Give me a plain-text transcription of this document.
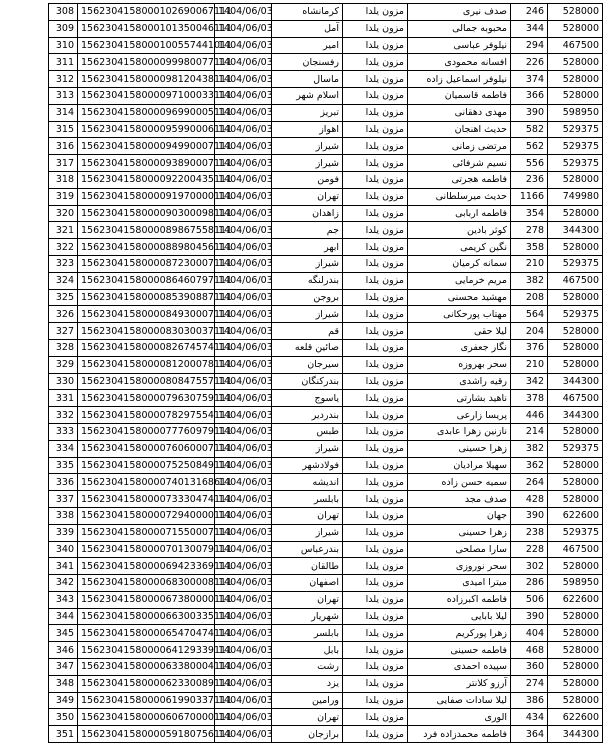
308	1562304158000102690067111	1404/06/03	کرمانشاه	مزون یلدا	صدف نیری	246	528000
309	1562304158000101350046111	1404/06/03	آمل	مزون یلدا	محبوبه جمالی	344	528000
310	1562304158000100557441011	1404/06/03	امیر	مزون یلدا	نیلوفر عباسی	294	467500
311	1562304158000099980077111	1404/06/03	رفسنجان	مزون یلدا	افسانه محمودی	226	528000
312	1562304158000098120438111	1404/06/03	ماسال	مزون یلدا	نیلوفر اسماعیل زاده	374	528000
313	1562304158000097100033111	1404/06/03	اسلام شهر	مزون یلدا	فاطمه قاسمیان	366	528000
314	1562304158000096990005111	1404/06/03	تبریز	مزون یلدا	مهدی دهقانی	390	598950
315	1562304158000095990006111	1404/06/03	اهواز	مزون یلدا	حدیث اهنجان	582	529375
316	1562304158000094990007111	1404/06/03	شیراز	مزون یلدا	مرتضی زمانی	562	529375
317	1562304158000093890007111	1404/06/03	شیراز	مزون یلدا	نسیم شرفائی	556	529375
318	1562304158000092200435111	1404/06/03	فومن	مزون یلدا	فاطمه هجرتی	236	528000
319	1562304158000091970000111	1404/06/03	تهران	مزون یلدا	حدیث میرسلطانی	1166	749980
320	1562304158000090300098111	1404/06/03	زاهدان	مزون یلدا	فاطمه اربابی	354	528000
321	1562304158000089867558111	1404/06/03	جم	مزون یلدا	کوثر بادین	278	344300
322	1562304158000088980456111	1404/06/03	ابهر	مزون یلدا	نگین کریمی	358	528000
323	1562304158000087230007111	1404/06/03	شیراز	مزون یلدا	سمانه کرمیان	210	529375
324	1562304158000086460797111	1404/06/03	بندرلنگه	مزون یلدا	مریم خرمایی	382	467500
325	1562304158000085390887111	1404/06/03	بروجن	مزون یلدا	مهشید محسنی	208	528000
326	1562304158000084930007111	1404/06/03	شیراز	مزون یلدا	مهتاب پورحکانی	564	529375
327	1562304158000083030037111	1404/06/03	قم	مزون یلدا	لیلا حقی	204	528000
328	1562304158000082674574111	1404/06/03	صائین قلعه	مزون یلدا	نگار جعفری	376	528000
329	1562304158000081200078111	1404/06/03	سیرجان	مزون یلدا	سحر بهروزه	210	528000
330	1562304158000080847557111	1404/06/03	بندرکنگان	مزون یلدا	رقیه راشدی	342	344300
331	1562304158000079630759111	1404/06/03	یاسوج	مزون یلدا	ناهید بشارتی	378	467500
332	1562304158000078297554111	1404/06/03	بندردیر	مزون یلدا	پریسا زارعی	446	344300
333	1562304158000077760979111	1404/06/03	طبس	مزون یلدا	نازنین زهرا عابدی	214	528000
334	1562304158000076060007111	1404/06/03	شیراز	مزون یلدا	زهرا حسینی	382	529375
335	1562304158000075250849111	1404/06/03	فولادشهر	مزون یلدا	سهیلا مرادیان	362	528000
336	1562304158000074013168611	1404/06/03	اندیشه	مزون یلدا	سمیه حسن زاده	264	528000
337	1562304158000073330474111	1404/06/03	بابلسر	مزون یلدا	صدف مجد	428	528000
338	1562304158000072940000111	1404/06/03	تهران	مزون یلدا	جهان	390	622600
339	1562304158000071550007111	1404/06/03	شیراز	مزون یلدا	زهرا حسینی	238	529375
340	1562304158000070130079111	1404/06/03	بندرعباس	مزون یلدا	سارا مصلحی	228	467500
341	1562304158000069423369111	1404/06/03	طالقان	مزون یلدا	سحر نوروزی	302	528000
342	1562304158000068300008111	1404/06/03	اصفهان	مزون یلدا	میترا امیدی	286	598950
343	1562304158000067380000111	1404/06/03	تهران	مزون یلدا	فاطمه اکبرزاده	506	622600
344	1562304158000066300335111	1404/06/03	شهریار	مزون یلدا	لیلا بابایی	390	528000
345	1562304158000065470474111	1404/06/03	بابلسر	مزون یلدا	زهرا پورکریم	404	528000
346	1562304158000064129339111	1404/06/03	بابل	مزون یلدا	فاطمه حسینی	468	528000
347	1562304158000063380004111	1404/06/03	رشت	مزون یلدا	سپیده احمدی	360	528000
348	1562304158000062330089111	1404/06/03	یزد	مزون یلدا	آرزو کلانتر	274	528000
349	1562304158000061990337111	1404/06/03	ورامین	مزون یلدا	لیلا سادات صفایی	386	528000
350	1562304158000060670000111	1404/06/03	تهران	مزون یلدا	الوری	434	622600
351	1562304158000059180756111	1404/06/03	برازجان	مزون یلدا	فاطمه محمدزاده فرد	364	344300
